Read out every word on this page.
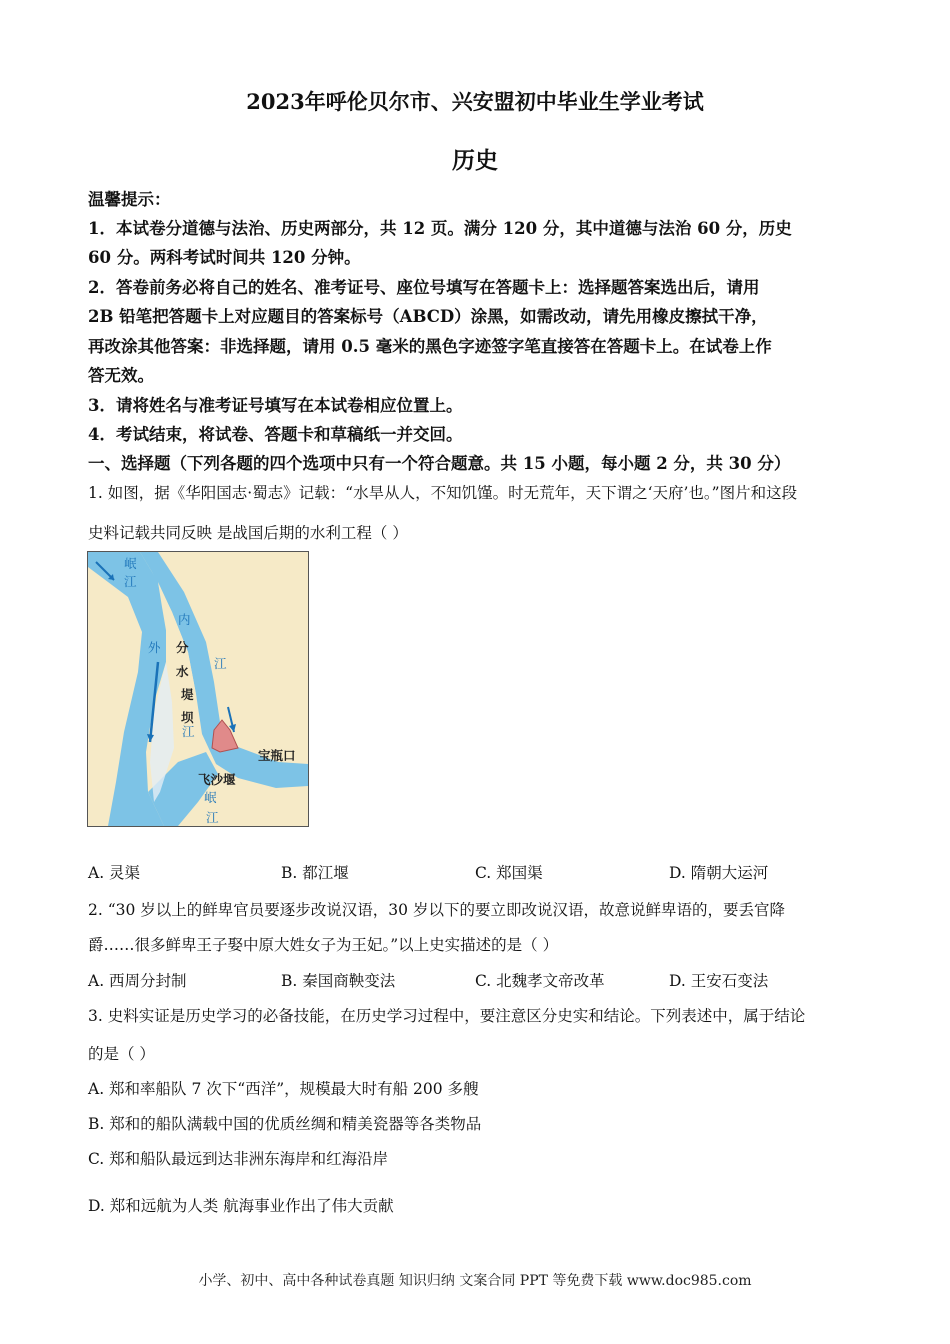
2023年呼伦贝尔市、兴安盟初中毕业生学业考试
历史
温馨提示：
1．本试卷分道德与法治、历史两部分，共 12 页。满分 120 分，其中道德与法治 60 分，历史
60 分。两科考试时间共 120 分钟。
2．答卷前务必将自己的姓名、准考证号、座位号填写在答题卡上：选择题答案选出后，请用
2B 铅笔把答题卡上对应题目的答案标号（ABCD）涂黑，如需改动，请先用橡皮擦拭干净，
再改涂其他答案：非选择题，请用 0.5 毫米的黑色字迹签字笔直接答在答题卡上。在试卷上作
答无效。
3．请将姓名与准考证号填写在本试卷相应位置上。
4．考试结束，将试卷、答题卡和草稿纸一并交回。
一、选择题（下列各题的四个选项中只有一个符合题意。共 15 小题，每小题 2 分，共 30 分）
1. 如图，据《华阳国志·蜀志》记载：“水旱从人，不知饥馑。时无荒年，天下谓之‘天府’也。”图片和这段
史料记载共同反映 是战国后期的水利工程（ ）
岷
江
内
江
分
水
堤
坝
外
江
宝瓶口
飞沙堰
岷
江
A. 灵渠	B. 都江堰	C. 郑国渠	D. 隋朝大运河
2. “30 岁以上的鲜卑官员要逐步改说汉语，30 岁以下的要立即改说汉语，故意说鲜卑语的，要丢官降
爵……很多鲜卑王子娶中原大姓女子为王妃。”以上史实描述的是（ ）
A. 西周分封制	B. 秦国商鞅变法	C. 北魏孝文帝改革	D. 王安石变法
3. 史料实证是历史学习的必备技能，在历史学习过程中，要注意区分史实和结论。下列表述中，属于结论
的是（ ）
A. 郑和率船队 7 次下“西洋”，规模最大时有船 200 多艘
B. 郑和的船队满载中国的优质丝绸和精美瓷器等各类物品
C. 郑和船队最远到达非洲东海岸和红海沿岸
D. 郑和远航为人类 航海事业作出了伟大贡献
小学、初中、高中各种试卷真题 知识归纳 文案合同 PPT 等免费下载 www.doc985.com
